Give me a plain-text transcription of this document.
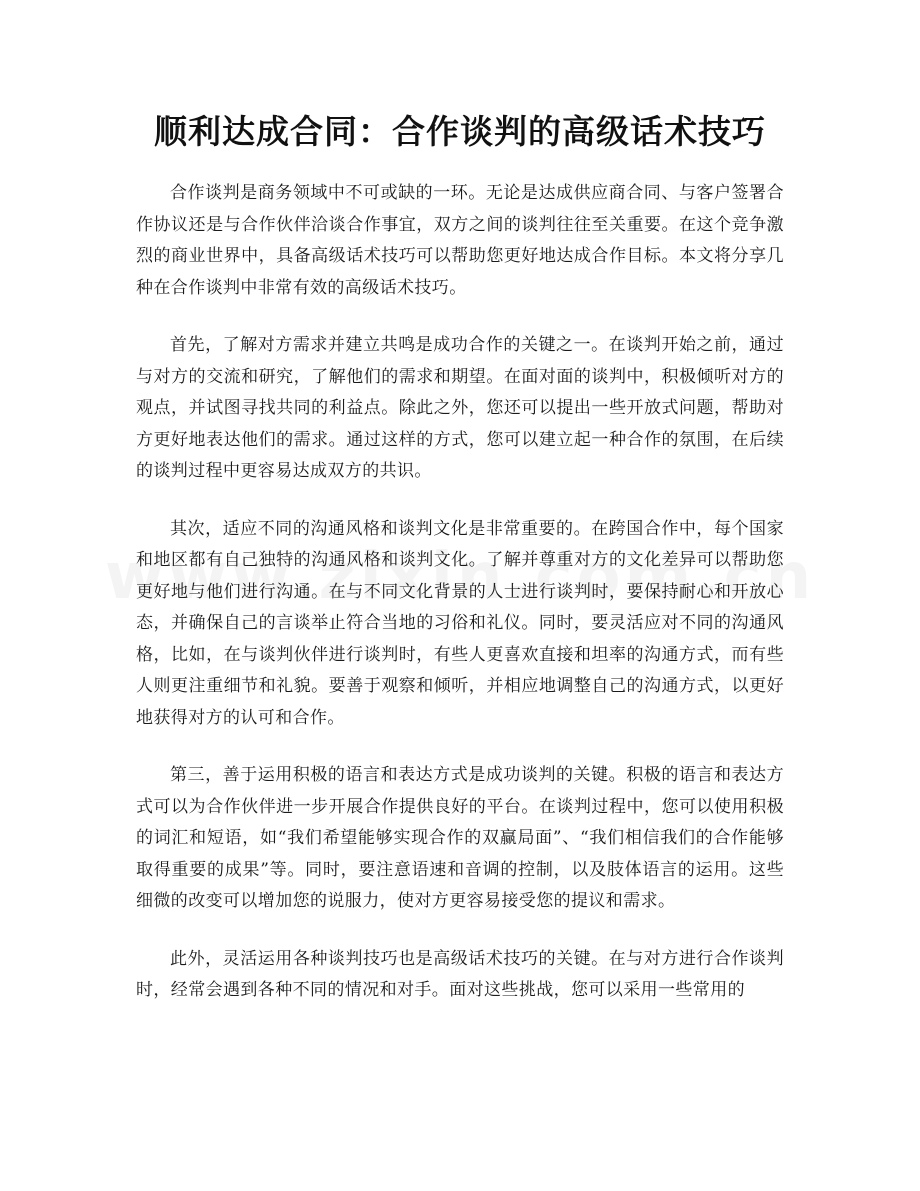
顺利达成合同：合作谈判的高级话术技巧

合作谈判是商务领域中不可或缺的一环。无论是达成供应商合同、与客户签署合作协议还是与合作伙伴洽谈合作事宜，双方之间的谈判往往至关重要。在这个竞争激烈的商业世界中，具备高级话术技巧可以帮助您更好地达成合作目标。本文将分享几种在合作谈判中非常有效的高级话术技巧。

首先，了解对方需求并建立共鸣是成功合作的关键之一。在谈判开始之前，通过与对方的交流和研究，了解他们的需求和期望。在面对面的谈判中，积极倾听对方的观点，并试图寻找共同的利益点。除此之外，您还可以提出一些开放式问题，帮助对方更好地表达他们的需求。通过这样的方式，您可以建立起一种合作的氛围，在后续的谈判过程中更容易达成双方的共识。

其次，适应不同的沟通风格和谈判文化是非常重要的。在跨国合作中，每个国家和地区都有自己独特的沟通风格和谈判文化。了解并尊重对方的文化差异可以帮助您更好地与他们进行沟通。在与不同文化背景的人士进行谈判时，要保持耐心和开放心态，并确保自己的言谈举止符合当地的习俗和礼仪。同时，要灵活应对不同的沟通风格，比如，在与谈判伙伴进行谈判时，有些人更喜欢直接和坦率的沟通方式，而有些人则更注重细节和礼貌。要善于观察和倾听，并相应地调整自己的沟通方式，以更好地获得对方的认可和合作。

第三，善于运用积极的语言和表达方式是成功谈判的关键。积极的语言和表达方式可以为合作伙伴进一步开展合作提供良好的平台。在谈判过程中，您可以使用积极的词汇和短语，如“我们希望能够实现合作的双赢局面”、“我们相信我们的合作能够取得重要的成果”等。同时，要注意语速和音调的控制，以及肢体语言的运用。这些细微的改变可以增加您的说服力，使对方更容易接受您的提议和需求。

此外，灵活运用各种谈判技巧也是高级话术技巧的关键。在与对方进行合作谈判时，经常会遇到各种不同的情况和对手。面对这些挑战，您可以采用一些常用的
